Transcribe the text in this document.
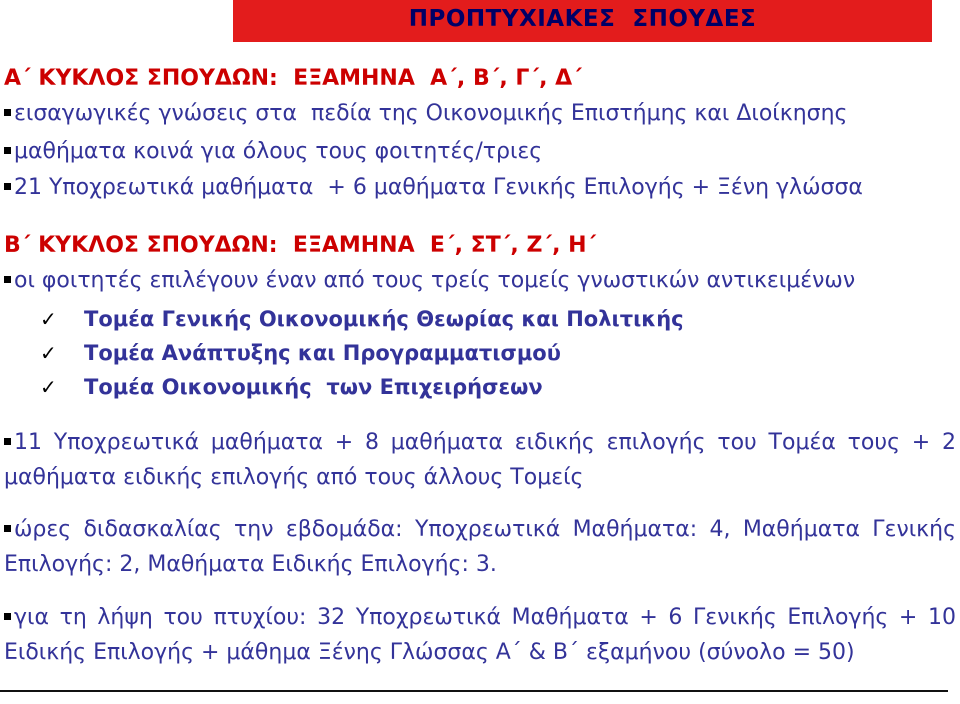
ΠΡΟΠΤΥΧΙΑΚΕΣ  ΣΠΟΥΔΕΣ
Α΄ ΚΥΚΛΟΣ ΣΠΟΥΔΩΝ:  ΕΞΑΜΗΝΑ  Α΄, Β΄, Γ΄, Δ΄
εισαγωγικές γνώσεις στα  πεδία της Οικονομικής Επιστήμης και Διοίκησης
μαθήματα κοινά για όλους τους φοιτητές/τριες
21 Υποχρεωτικά μαθήματα  + 6 μαθήματα Γενικής Επιλογής + Ξένη γλώσσα
Β΄ ΚΥΚΛΟΣ ΣΠΟΥΔΩΝ:  ΕΞΑΜΗΝΑ  Ε΄, ΣΤ΄, Ζ΄, Η΄
οι φοιτητές επιλέγουν έναν από τους τρείς τομείς γνωστικών αντικειμένων
✓ Τομέα Γενικής Οικονομικής Θεωρίας και Πολιτικής
✓ Τομέα Ανάπτυξης και Προγραμματισμού
✓ Τομέα Οικονομικής  των Επιχειρήσεων
11 Υποχρεωτικά μαθήματα + 8 μαθήματα ειδικής επιλογής του Τομέα τους + 2 μαθήματα ειδικής επιλογής από τους άλλους Τομείς
ώρες διδασκαλίας την εβδομάδα: Υποχρεωτικά Μαθήματα: 4, Μαθήματα Γενικής Επιλογής: 2, Μαθήματα Ειδικής Επιλογής: 3.
για τη λήψη του πτυχίου: 32 Υποχρεωτικά Μαθήματα + 6 Γενικής Επιλογής + 10 Ειδικής Επιλογής + μάθημα Ξένης Γλώσσας Α΄ & Β΄ εξαμήνου (σύνολο = 50)
